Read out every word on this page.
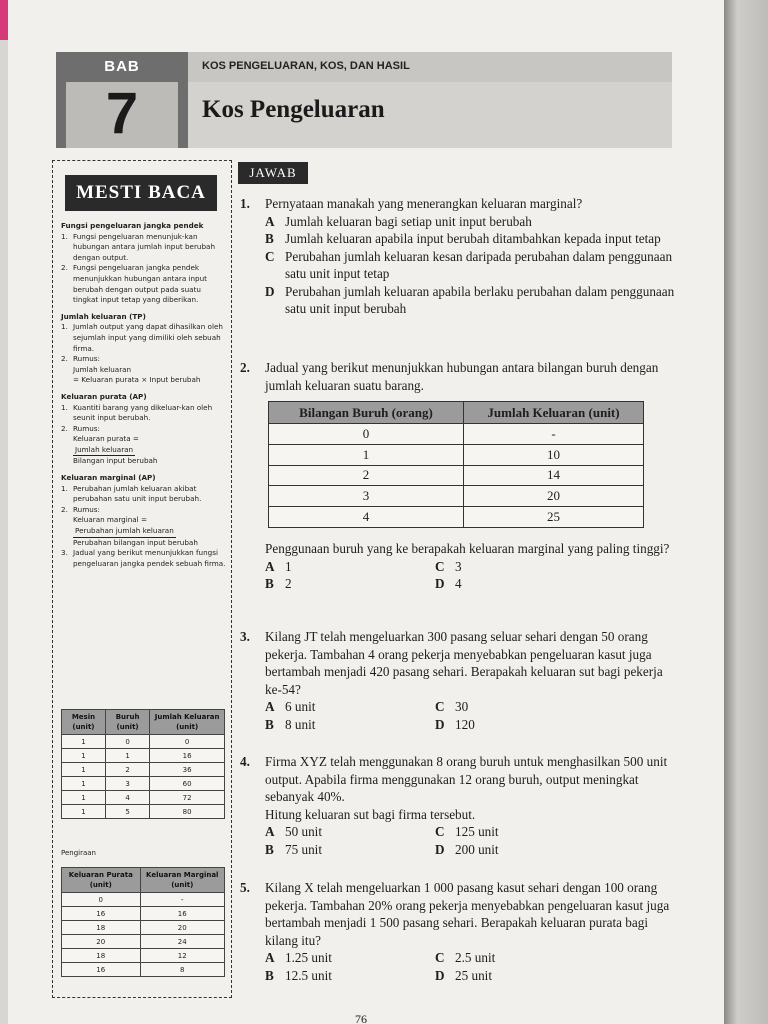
BAB
7
KOS PENGELUARAN, KOS, DAN HASIL
Kos Pengeluaran
MESTI BACA
Fungsi pengeluaran jangka pendek
1. Fungsi pengeluaran menunjuk-kan hubungan antara jumlah input berubah dengan output.
2. Fungsi pengeluaran jangka pendek menunjukkan hubungan antara input berubah dengan output pada suatu tingkat input tetap yang diberikan.
Jumlah keluaran (TP)
1. Jumlah output yang dapat dihasilkan oleh sejumlah input yang dimiliki oleh sebuah firma.
2. Rumus:
Jumlah keluaran
= Keluaran purata × Input berubah
Keluaran purata (AP)
1. Kuantiti barang yang dikeluar-kan oleh seunit input berubah.
2. Rumus:
Keluaran purata =
Jumlah keluaran
Bilangan input berubah
Keluaran marginal (AP)
1. Perubahan jumlah keluaran akibat perubahan satu unit input berubah.
2. Rumus:
Keluaran marginal =
Perubahan jumlah keluaran
Perubahan bilangan input berubah
3. Jadual yang berikut menunjukkan fungsi pengeluaran jangka pendek sebuah firma.
Mesin (unit)	Buruh (unit)	Jumlah Keluaran (unit)
1	0	0
1	1	16
1	2	36
1	3	60
1	4	72
1	5	80
Pengiraan
Keluaran Purata (unit)	Keluaran Marginal (unit)
0	-
16	16
18	20
20	24
18	12
16	8
JAWAB
1. Pernyataan manakah yang menerangkan keluaran marginal?
A Jumlah keluaran bagi setiap unit input berubah
B Jumlah keluaran apabila input berubah ditambahkan kepada input tetap
C Perubahan jumlah keluaran kesan daripada perubahan dalam penggunaan satu unit input tetap
D Perubahan jumlah keluaran apabila berlaku perubahan dalam penggunaan satu unit input berubah
2. Jadual yang berikut menunjukkan hubungan antara bilangan buruh dengan jumlah keluaran suatu barang.
Bilangan Buruh (orang)	Jumlah Keluaran (unit)
0	-
1	10
2	14
3	20
4	25
Penggunaan buruh yang ke berapakah keluaran marginal yang paling tinggi?
A 1	C 3
B 2	D 4
3. Kilang JT telah mengeluarkan 300 pasang seluar sehari dengan 50 orang pekerja. Tambahan 4 orang pekerja menyebabkan pengeluaran kasut juga bertambah menjadi 420 pasang sehari. Berapakah keluaran sut bagi pekerja ke-54?
A 6 unit	C 30
B 8 unit	D 120
4. Firma XYZ telah menggunakan 8 orang buruh untuk menghasilkan 500 unit output. Apabila firma menggunakan 12 orang buruh, output meningkat sebanyak 40%.
Hitung keluaran sut bagi firma tersebut.
A 50 unit	C 125 unit
B 75 unit	D 200 unit
5. Kilang X telah mengeluarkan 1 000 pasang kasut sehari dengan 100 orang pekerja. Tambahan 20% orang pekerja menyebabkan pengeluaran kasut juga bertambah menjadi 1 500 pasang sehari. Berapakah keluaran purata bagi kilang itu?
A 1.25 unit	C 2.5 unit
B 12.5 unit	D 25 unit
76
